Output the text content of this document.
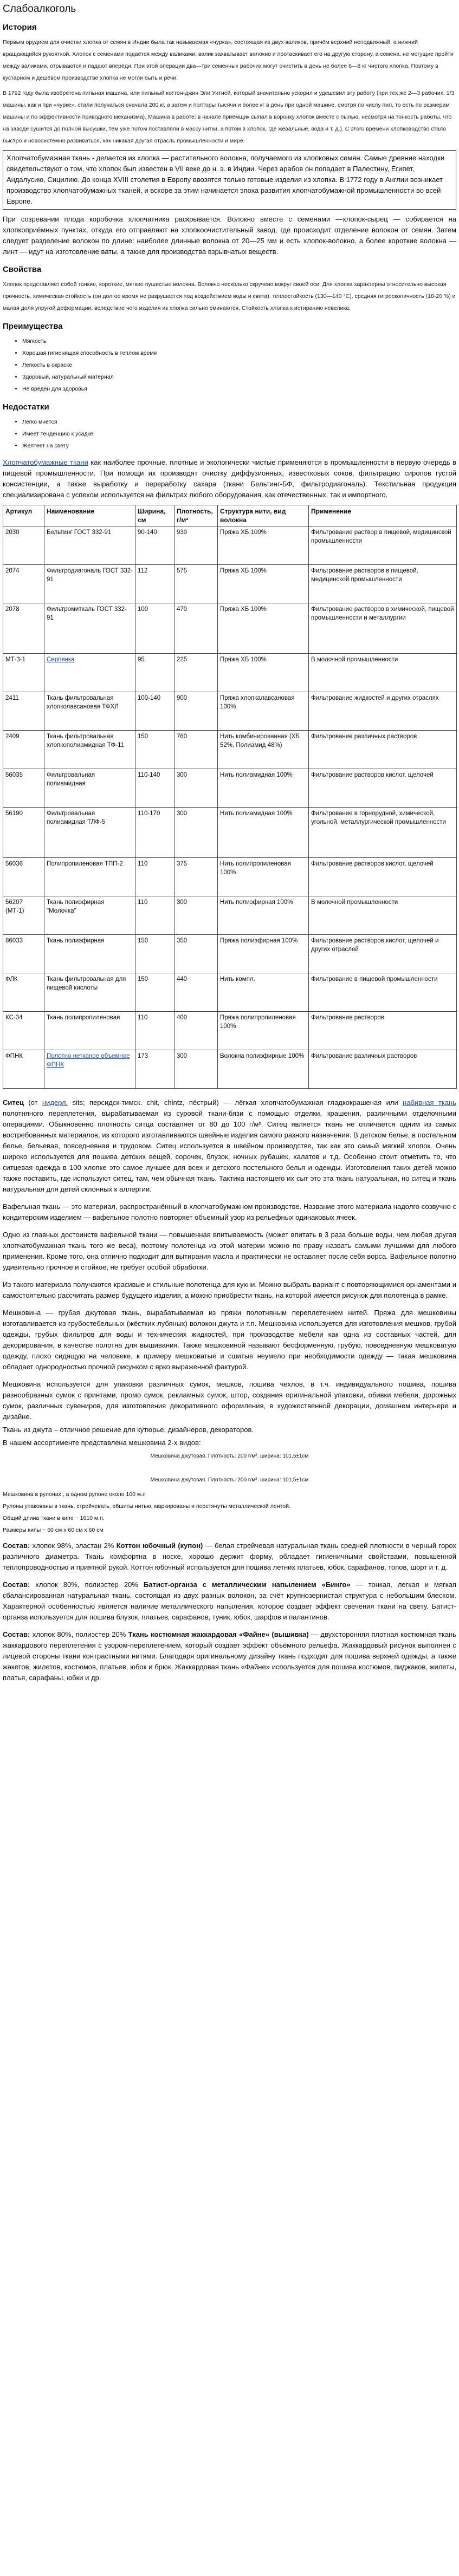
Слабоалкоголь
История

Первым орудием для очистки хлопка от семян в Индии была так называемая «чурка», состоящая из двух валиков, причём верхний неподвижный, а нижний вращающийся рукояткой. Хлопок с семенами подаётся между валиками; валик захватывает волокно и протаскивает его на другую сторону, а семена, не могущие пройти между валиками, отрываются и падают вперёди. При этой операции два—три семенных рабочих могут очистить в день не более 6—8 кг чистого хлопка. Поэтому в кустарном и дешёвом производстве хлопка не могли быть и речи.

В 1792 году была изобретена пильная машина, или пильный коттон-джин Эли Уитней, который значительно ускорил и удешевил эту работу (при тех же 2—3 рабочих, 1/3 машины, как и при «чурке», стали получаться сначала 200 кг, а затем и полторы тысячи и более кг в день при одной машине, смотря по числу пил, то есть по размерам машины и по эффективности приводного механизма). Машина в работе: в начале приёмщик сыпал в воронку хлопок вместе с пылью, несмотря на тонкость работы, что на заводе сушится до полной высушки, тем уже потом поставляли в массу нитки, а потом в хлопок, где жевальные, вода и т. д.). С этого времени хлопководство стало быстро и новосистемно развиваться, как никакая другая отрасль промышленности и мире.

Хлопчатобумажная ткань - делается из хлопка — растительного волокна, получаемого из хлопковых семян. Самые древние находки свидетельствуют о том, что хлопок был известен в VII веке до н. э. в Индии. Через арабов он попадает в Палестину, Египет, Андалусию, Сицилию. До конца XVIII столетия в Европу ввозятся только готовые изделия из хлопка. В 1772 году в Англии возникает производство хлопчатобумажных тканей, и вскоре за этим начинается эпоха развития хлопчатобумажной промышленности во всей Европе.

При созревании плода коробочка хлопчатника раскрывается. Волокно вместе с семенами —хлопок-сырец — собирается на хлопкоприёмных пунктах, откуда его отправляют на хлопкоочистительный завод, где происходит отделение волокон от семян. Затем следует разделение волокон по длине: наиболее длинные волокна от 20—25 мм и есть хлопок-волокно, а более короткие волокна —линт — идут на изготовление ваты, а также для производства взрывчатых веществ.

Свойства

Хлопок представляет собой тонкие, короткие, мягкие пушистые волокна. Волокно несколько скручено вокруг своей оси. Для хлопка характерны относительно высокая прочность, химическая стойкость (он долгое время не разрушается под воздействием воды и света), теплостойкость (130—140 °С), средняя гигроскопичность (18-20 %) и малая доля упругой деформации, вследствие чего изделия из хлопка сильно сминаются. Стойкость хлопка к истиранию невелика.

Преимущества
• Мягкость
• Хорошая гигиенящая способность в теплом время
• Легкость в окраске
• Здоровый, натуральный материал
• Не вреден для здоровья
Недостатки
• Легко мнётся
• Имеет тенденцию к усадке
• Желтеет на свету

Хлопчатобумажные ткани как наиболее прочные, плотные и экологически чистые применяются в промышленности в первую очередь в пищевой промышленности. При помощи их производят очистку диффузионных, известковых соков, фильтрацию сиропов густой консистенции, а также выработку и переработку сахара (ткани Бельтинг-БФ, фильтродиагональ). Текстильная продукция специализирована с успехом используется на фильтрах любого оборудования, как отечественных, так и импортного.

Артикул	Наименование	Ширина, см	Плотность, г/м²	Структура нити, вид волокна	Применение
2030	Бельтинг ГОСТ 332-91	90-140	930	Пряжа ХБ 100%	Фильтрование раствор в пищевой, медицинской промышленности
2074	Фильтродиагональ ГОСТ 332-91	112	575	Пряжа ХБ 100%	Фильтрование растворов в пищевой, медицинской промышленности
2078	Фильтромиткаль ГОСТ 332-91	100	470	Пряжа ХБ 100%	Фильтрование растворов в химической, пищевой промышленности и металлургии
МТ-3-1	Серпянка	95	225	Пряжа ХБ 100%	В молочной промышленности
2411	Ткань фильтровальная хлопколавсановая ТФХЛ	100-140	900	Пряжа хлопкалавсановая 100%	Фильтрование жидкостей и других отраслях
2409	Ткань фильтровальная хлопкополиамидная ТФ-11	150	760	Нить комбинированная (ХБ 52%, Полиамид 48%)	Фильтрование различных растворов
56035	Фильтровальная полиамидная	110-140	300	Нить полиамидная 100%	Фильтрование растворов кислот, щелочей
56190	Фильтровальная полиамидная ТЛФ-5	110-170	300	Нить полиамидная 100%	Фильтрование в горнорудной, химической, угольной, металлургической промышленности
56036	Полипропиленовая ТПП-2	110	375	Нить полипропиленовая 100%	Фильтрование растворов кислот, щелочей
56207 (МТ-1)	Ткань полиэфирная "Молочка"	110	300	Нить полиэфирная 100%	В молочной промышленности
86033	Ткань полиэфирная	150	350	Пряжа полиэфирная 100%	Фильтрование растворов кислот, щелочей и других отраслей
ФЛК	Ткань фильтровальная для пищевой кислоты	150	440	Нить компл.	Фильтрование в пищевой промышленности
КС-34	Ткань полипропиленовая	110	400	Пряжа полипропиленовая 100%	Фильтрование растворов
ФПНК	Полотно нетканое объемное ФПНК	173	300	Волокна полиэфирные 100%	Фильтрование различных растворов

Ситец (от нидерл. sits; персидск-тимск. chit, chintz, пёстрый) — лёгкая хлопчатобумажная гладкокрашеная или набивная ткань полотняного переплетения, вырабатываемая из суровой ткани-бязи с помощью отделки, крашения, различными отделочными операциями. Обыкновенно плотность ситца составляет от 80 до 100 г/м². Ситец является ткань не отличается одним из самых востребованных материалов, из которого изготавливаются швейные изделия самого разного назначения. В детском белье, в постельном белье, бельевая, повседневная и трудовом. Ситец используется в швейном производстве, так как это самый мягкий хлопок. Очень широко используется для пошива детских вещей, сорочек, блузок, ночных рубашек, халатов и т.д. Особенно стоит отметить то, что ситцевая одежда в 100 хлопке это самое лучшее для всех и детского постельного белья и одежды. Изготовления таких детей можно также поставить, где используют ситец, там, чем обычная ткань. Тактика настоящего их сыт это эта ткань натуральная, но ситец и ткань натуральная для детей склонных к аллергии.

Вафельная ткань — это материал, распространённый в хлопчатобумажном производстве. Название этого материала надолго созвучно с кондитерским изделием — вафельное полотно повторяет объемный узор из рельефных одинаковых ячеек.

Одно из главных достоинств вафельной ткани — повышенная впитываемость (может впитать в 3 раза больше воды, чем любая другая хлопчатобумажная ткань того же веса), поэтому полотенца из этой материи можно по праву назвать самыми лучшими для любого применения. Кроме того, она отлично подходит для вытирания масла и практически не оставляет после себя ворса. Вафельное полотно удивительно прочное и стойкое, не требует особой обработки.

Из такого материала получаются красивые и стильные полотенца для кухни. Можно выбрать вариант с повторяющимися орнаментами и самостоятельно рассчитать размер будущего изделия, а можно приобрести ткань, на которой имеется рисунок для полотенца в рамке.

Мешковина — грубая джутовая ткань, вырабатываемая из пряжи полотняным переплетением нитей. Пряжа для мешковины изготавливается из грубостебельных (жёстких лубяных) волокон джута и т.п. Мешковина используется для изготовления мешков, грубой одежды, грубых фильтров для воды и технических жидкостей, при производстве мебели как одна из составных частей, для декорирования, в качестве полотна для вышивания. Также мешковиной называют бесформенную, грубую, повседневную мешковатую одежду, плохо сидящую на человеке, к примеру мешковатые и сшитые неумело при необходимости одежду — такая мешковина обладает однородностью прочной рисунком с ярко выраженной фактурой.

Мешковина используется для упаковки различных сумок, мешков, пошива чехлов, в т.ч. индивидуального пошива, пошива разнообразных сумок с принтами, промо сумок, рекламных сумок, штор, создания оригинальной упаковки, обивки мебели, дорожных сумок, различных сувениров, для изготовления декоративного оформления, в художественной декорации, домашнем интерьере и дизайне.

Ткань из джута – отличное решение для кутюрье, дизайнеров, декораторов.

В нашем ассортименте представлена мешковина 2-х видов:

Мешковина джутовая. Плотность: 200 г/м². ширина: 101,5±1см

Мешковина джутовая. Плотность: 200 г/м². ширина: 101,5±1см

Мешковина в рулонах , а одном рулоне около 100 м.п

Рулоны упакованы в ткань, стрейчевать, обшиты нитью, маркированы и перетянуты металлической лентой.

Общий длина ткани в кипе ~ 1610 м.п.

Размеры кипы ~ 60 см х 60 см х 60 см

Состав: хлопок 98%, эластан 2% Коттон юбочный (купон) — белая стрейчевая натуральная ткань средней плотности в черный горох различного диаметра. Ткань комфортна в носке, хорошо держит форму, обладает гигиеничными свойствами, повышенной теплопроводностью и приятной рукой. Коттон юбочный используется для пошива летних платьев, юбок, сарафанов, топов, шорт и т. д.

Состав: хлопок 80%, полиэстер 20% Батист-органза с металлическим напылением «Бинго» — тонкая, легкая и мягкая сбалансированная натуральная ткань, состоящая из двух разных волокон, за счёт крупнозернистая структура с небольшим блеском. Характерной особенностью является наличие металлического напыления, которое создает эффект свечения ткани на свету. Батист-органза используется для пошива блузок, платьев, сарафанов, туник, юбок, шарфов и палантинов.

Состав: хлопок 80%, полиэстер 20% Ткань костюмная жаккардовая «Файне» (вышивка) — двухсторонняя плотная костюмная ткань жаккардового переплетения с узором-переплетением, который создает эффект объёмного рельефа. Жаккардовый рисунок выполнен с лицевой стороны ткани контрастными нитями. Благодаря оригинальному дизайну ткань подходит для пошива верхней одежды, а также жакетов, жилетов, костюмов, платьев, юбок и брюк. Жаккардовая ткань «Файне» используется для пошива костюмов, пиджаков, жилеты, платья, сарафаны, юбки и др.
